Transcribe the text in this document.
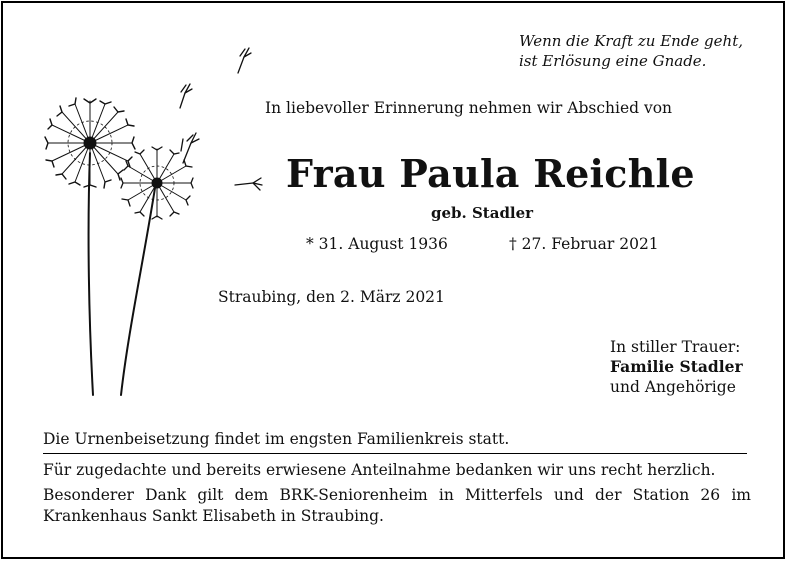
Wenn die Kraft zu Ende geht,
ist Erlösung eine Gnade.
In liebevoller Erinnerung nehmen wir Abschied von
Frau Paula Reichle
geb. Stadler
* 31. August 1936	† 27. Februar 2021
Straubing, den 2. März 2021
In stiller Trauer:
Familie Stadler
und Angehörige
Die Urnenbeisetzung findet im engsten Familienkreis statt.

Für zugedachte und bereits erwiesene Anteilnahme bedanken wir uns recht herzlich.

Besonderer Dank gilt dem BRK-Seniorenheim in Mitterfels und der Station 26 im Krankenhaus Sankt Elisabeth in Straubing.
